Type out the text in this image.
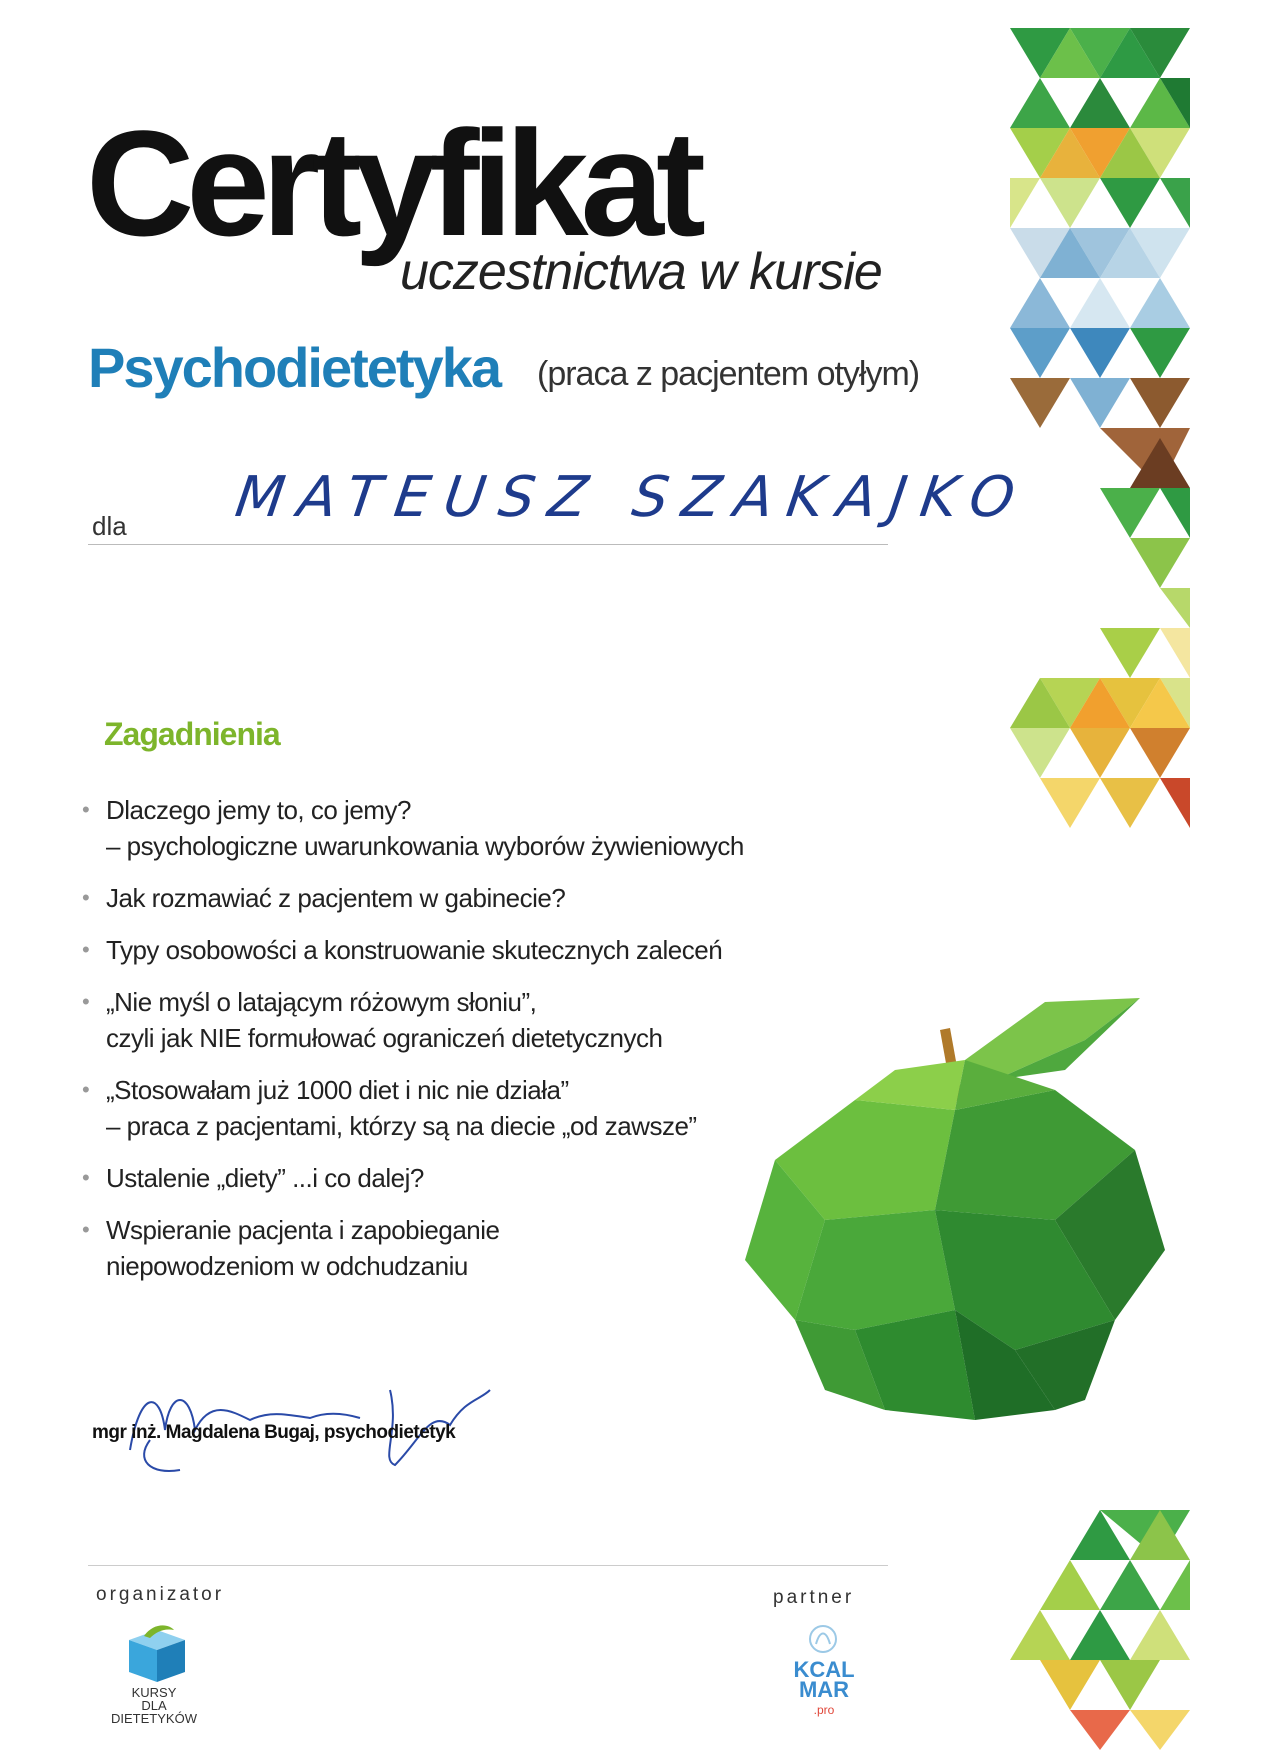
Certyfikat
uczestnictwa w kursie
Psychodietetyka (praca z pacjentem otyłym)
dla MATEUSZ SZAKAJKO
Zagadnienia
• Dlaczego jemy to, co jemy?
– psychologiczne uwarunkowania wyborów żywieniowych
• Jak rozmawiać z pacjentem w gabinecie?
• Typy osobowości a konstruowanie skutecznych zaleceń
• „Nie myśl o latającym różowym słoniu”,
czyli jak NIE formułować ograniczeń dietetycznych
• „Stosowałam już 1000 diet i nic nie działa”
– praca z pacjentami, którzy są na diecie „od zawsze”
• Ustalenie „diety” ...i co dalej?
• Wspieranie pacjenta i zapobieganie
niepowodzeniom w odchudzaniu
mgr inż. Magdalena Bugaj, psychodietetyk
organizator	partner
KURSY
DLA
DIETETYKÓW
KCAL
MAR
.pro
